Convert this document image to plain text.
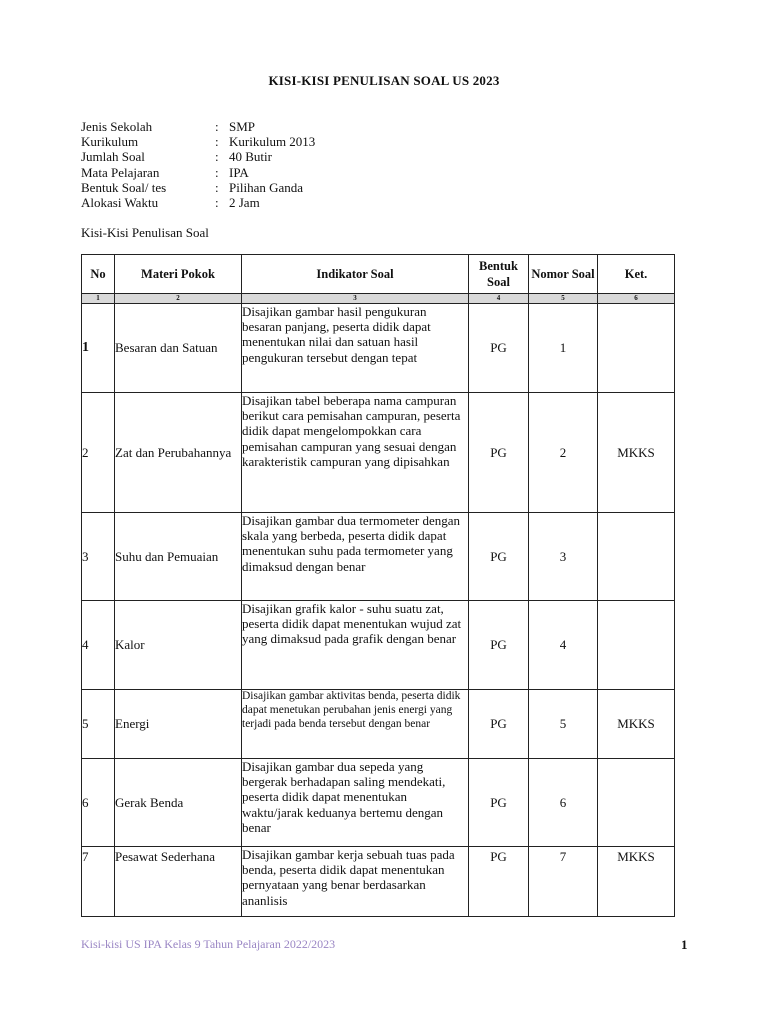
KISI-KISI PENULISAN SOAL US 2023
Jenis Sekolah	: SMP
Kurikulum	: Kurikulum 2013
Jumlah Soal	: 40 Butir
Mata Pelajaran	: IPA
Bentuk Soal/ tes	: Pilihan Ganda
Alokasi Waktu	: 2 Jam
Kisi-Kisi Penulisan Soal
No	Materi Pokok	Indikator Soal	Bentuk Soal	Nomor Soal	Ket.
1	2	3	4	5	6
1	Besaran dan Satuan	Disajikan gambar hasil pengukuran besaran panjang, peserta didik dapat menentukan nilai dan satuan hasil pengukuran tersebut dengan tepat	PG	1	
2	Zat dan Perubahannya	Disajikan tabel beberapa nama campuran berikut cara pemisahan campuran, peserta didik dapat mengelompokkan cara pemisahan campuran yang sesuai dengan karakteristik campuran yang dipisahkan	PG	2	MKKS
3	Suhu dan Pemuaian	Disajikan gambar dua termometer dengan skala yang berbeda, peserta didik dapat menentukan suhu pada termometer yang dimaksud dengan benar	PG	3	
4	Kalor	Disajikan grafik kalor - suhu suatu zat, peserta didik dapat menentukan wujud zat yang dimaksud pada grafik dengan benar	PG	4	
5	Energi	Disajikan gambar aktivitas benda, peserta didik dapat menetukan perubahan jenis energi yang terjadi pada benda tersebut dengan benar	PG	5	MKKS
6	Gerak Benda	Disajikan gambar dua sepeda yang bergerak berhadapan saling mendekati, peserta didik dapat menentukan waktu/jarak keduanya bertemu dengan benar	PG	6	
7	Pesawat Sederhana	Disajikan gambar kerja sebuah tuas pada benda, peserta didik dapat menentukan pernyataan yang benar berdasarkan ananlisis	PG	7	MKKS
Kisi-kisi US IPA Kelas 9 Tahun Pelajaran 2022/2023	1
